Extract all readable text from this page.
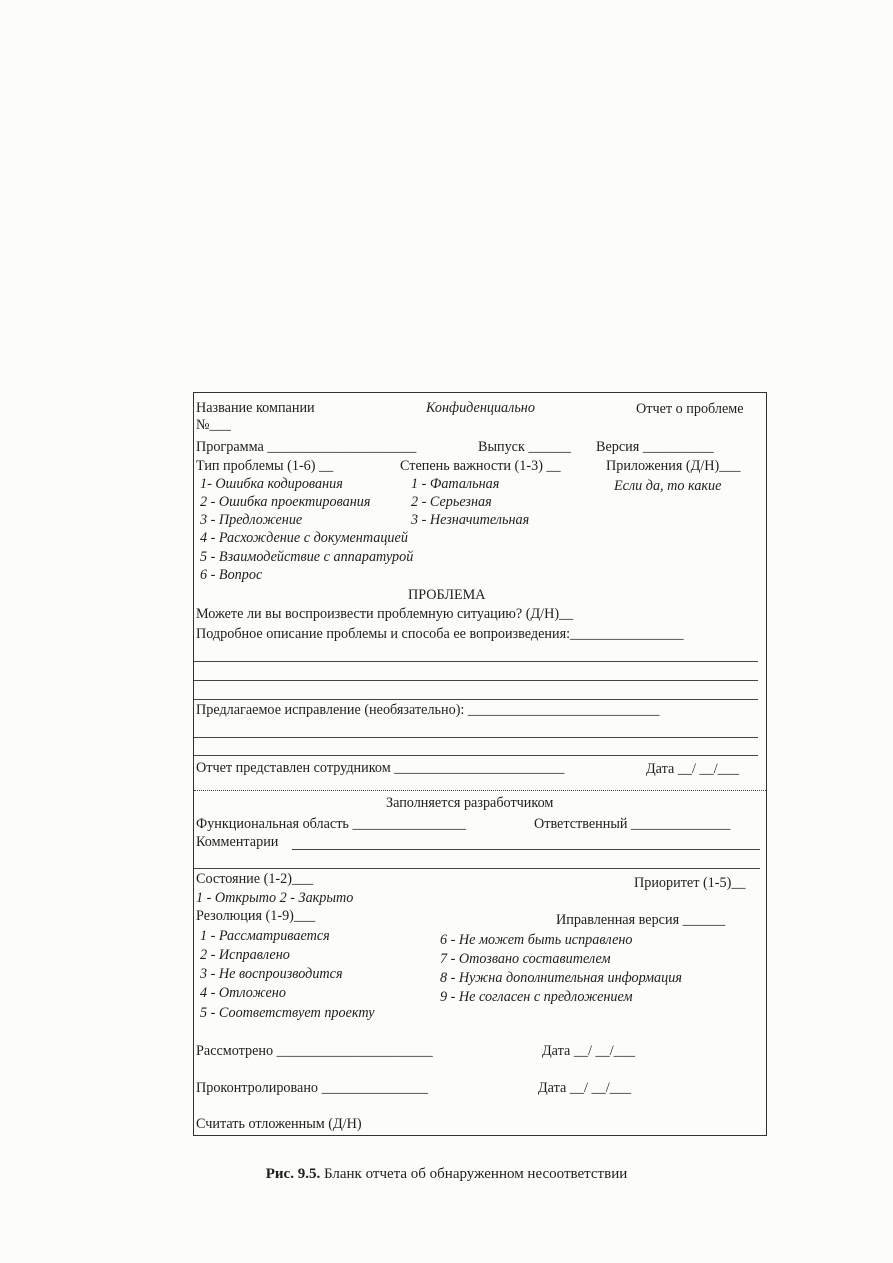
Название компании	Конфиденциально	Отчет о проблеме
№___
Программа _____________________	Выпуск ______ Версия __________
Тип проблемы (1-6) __	Степень важности (1-3) __	Приложения (Д/Н)___
1- Ошибка кодирования
2 - Ошибка проектирования
3 - Предложение
4 - Расхождение с документацией
5 - Взаимодействие с аппаратурой
6 - Вопрос
1 - Фатальная
2 - Серьезная
3 - Незначительная
Если да, то какие
ПРОБЛЕМА
Можете ли вы воспроизвести проблемную ситуацию? (Д/Н)__
Подробное описание проблемы и способа ее вопроизведения:________________
Предлагаемое исправление (необязательно): ___________________________
Отчет представлен сотрудником ________________________	Дата __/ __/___
Заполняется разработчиком
Функциональная область ________________	Ответственный ______________
Комментарии
Состояние (1-2)___	Приоритет (1-5)__
1 - Открыто 2 - Закрыто
Резолюция (1-9)___	Иправленная версия ______
1 - Рассматривается
2 - Исправлено
3 - Не воспроизводится
4 - Отложено
5 - Соответствует проекту
6 - Не может быть исправлено
7 - Отозвано составителем
8 - Нужна дополнительная информация
9 - Не согласен с предложением
Рассмотрено ______________________	Дата __/ __/___
Проконтролировано _______________	Дата __/ __/___
Считать отложенным (Д/Н)
Рис. 9.5. Бланк отчета об обнаруженном несоответствии
